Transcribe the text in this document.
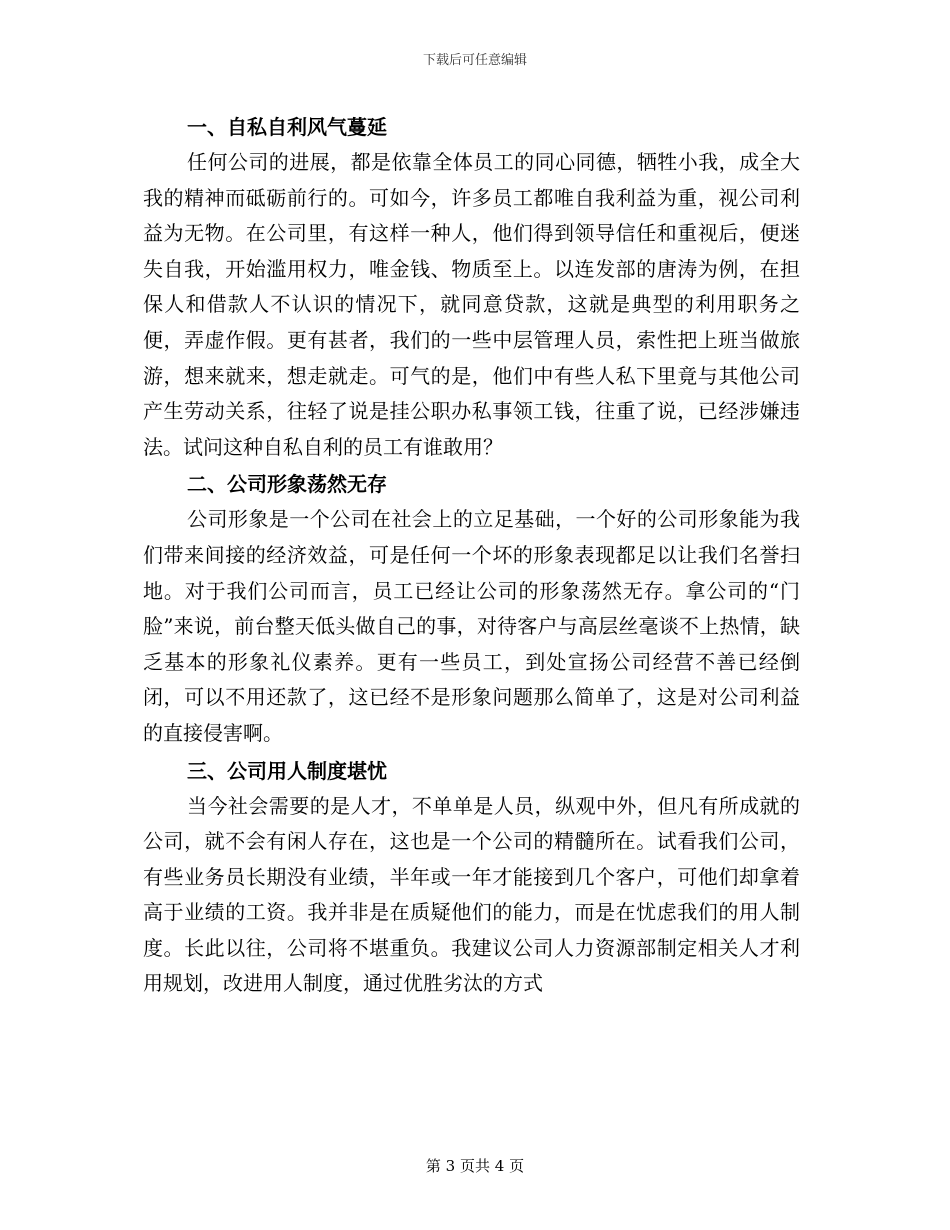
下载后可任意编辑
一、自私自利风气蔓延

任何公司的进展，都是依靠全体员工的同心同德，牺牲小我，成全大我的精神而砥砺前行的。可如今，许多员工都唯自我利益为重，视公司利益为无物。在公司里，有这样一种人，他们得到领导信任和重视后，便迷失自我，开始滥用权力，唯金钱、物质至上。以连发部的唐涛为例，在担保人和借款人不认识的情况下，就同意贷款，这就是典型的利用职务之便，弄虚作假。更有甚者，我们的一些中层管理人员，索性把上班当做旅游，想来就来，想走就走。可气的是，他们中有些人私下里竟与其他公司产生劳动关系，往轻了说是挂公职办私事领工钱，往重了说，已经涉嫌违法。试问这种自私自利的员工有谁敢用？

二、公司形象荡然无存

公司形象是一个公司在社会上的立足基础，一个好的公司形象能为我们带来间接的经济效益，可是任何一个坏的形象表现都足以让我们名誉扫地。对于我们公司而言，员工已经让公司的形象荡然无存。拿公司的“门脸”来说，前台整天低头做自己的事，对待客户与高层丝毫谈不上热情，缺乏基本的形象礼仪素养。更有一些员工，到处宣扬公司经营不善已经倒闭，可以不用还款了，这已经不是形象问题那么简单了，这是对公司利益的直接侵害啊。

三、公司用人制度堪忧

当今社会需要的是人才，不单单是人员，纵观中外，但凡有所成就的公司，就不会有闲人存在，这也是一个公司的精髓所在。试看我们公司，有些业务员长期没有业绩，半年或一年才能接到几个客户，可他们却拿着高于业绩的工资。我并非是在质疑他们的能力，而是在忧虑我们的用人制度。长此以往，公司将不堪重负。我建议公司人力资源部制定相关人才利用规划，改进用人制度，通过优胜劣汰的方式

第 3 页共 4 页
